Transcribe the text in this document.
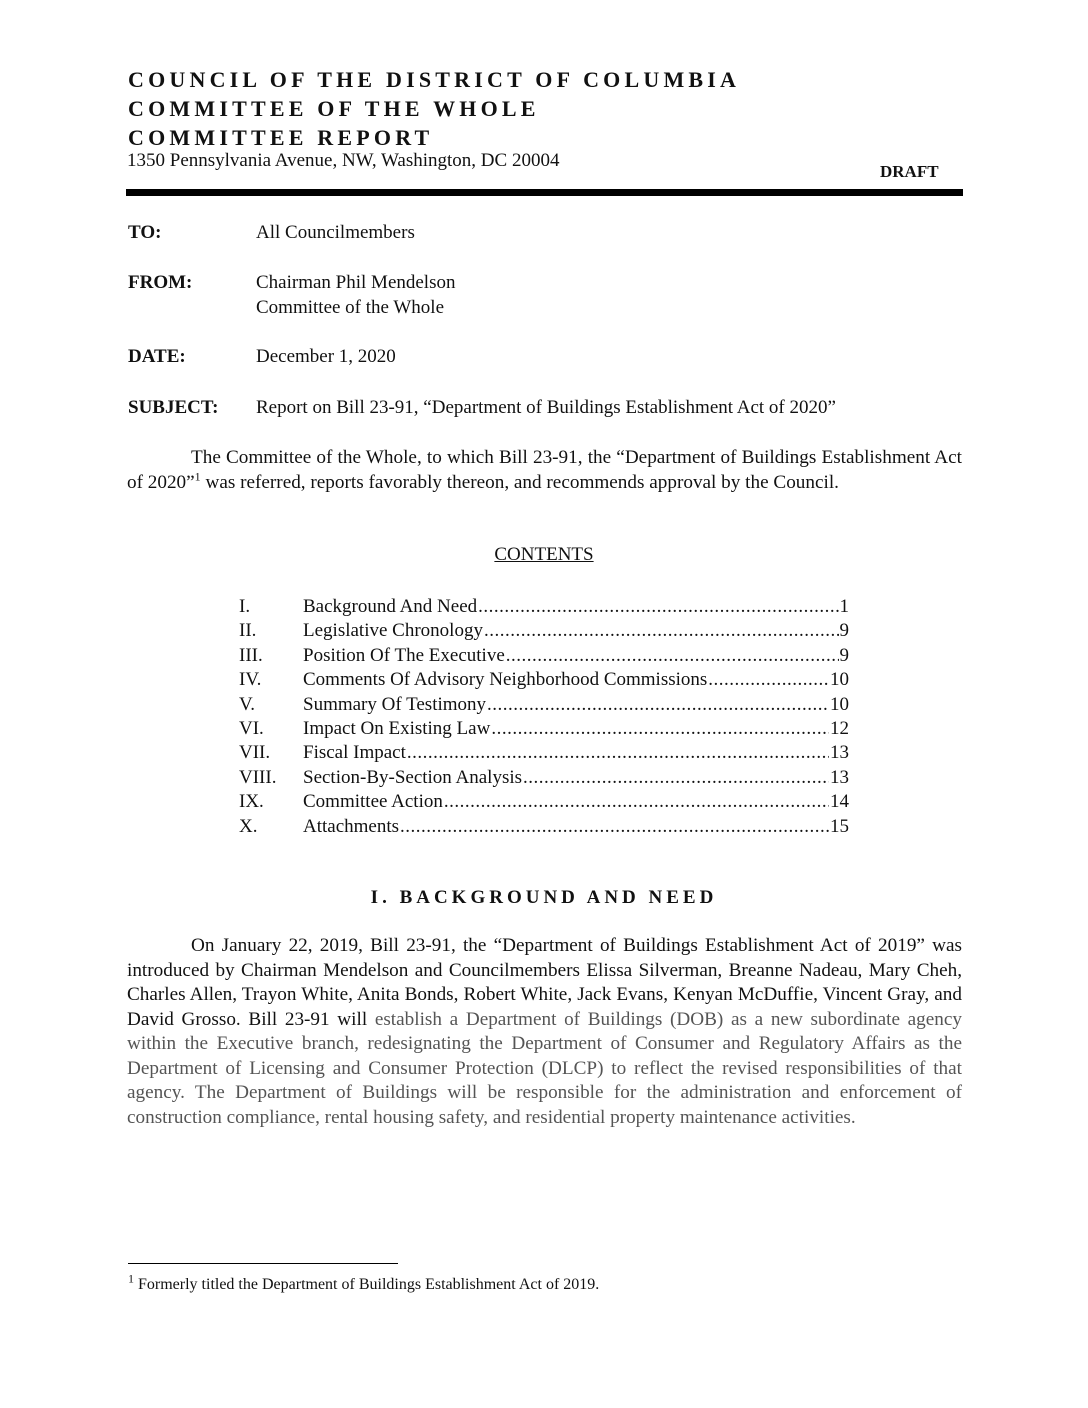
COUNCIL OF THE DISTRICT OF COLUMBIA
COMMITTEE OF THE WHOLE
COMMITTEE REPORT
1350 Pennsylvania Avenue, NW, Washington, DC 20004
DRAFT
TO:	All Councilmembers
FROM:	Chairman Phil Mendelson
Committee of the Whole
DATE:	December 1, 2020
SUBJECT: Report on Bill 23-91, “Department of Buildings Establishment Act of 2020”
The Committee of the Whole, to which Bill 23-91, the “Department of Buildings Establishment Act of 2020”$^1$ was referred, reports favorably thereon, and recommends approval by the Council.
CONTENTS
I.	Background And Need .....	1
II. Legislative Chronology .....	9
III. Position Of The Executive .....	9
IV. Comments Of Advisory Neighborhood Commissions .....	10
V.	Summary Of Testimony .....	10
VI. Impact On Existing Law .....	12
VII. Fiscal Impact .....	13
VIII. Section-By-Section Analysis .....	13
IX. Committee Action .....	14
X. Attachments .....	15
I. BACKGROUND AND NEED
On January 22, 2019, Bill 23-91, the “Department of Buildings Establishment Act of 2019” was introduced by Chairman Mendelson and Councilmembers Elissa Silverman, Breanne Nadeau, Mary Cheh, Charles Allen, Trayon White, Anita Bonds, Robert White, Jack Evans, Kenyan McDuffie, Vincent Gray, and David Grosso. Bill 23-91 will establish a Department of Buildings (DOB) as a new subordinate agency within the Executive branch, redesignating the Department of Consumer and Regulatory Affairs as the Department of Licensing and Consumer Protection (DLCP) to reflect the revised responsibilities of that agency. The Department of Buildings will be responsible for the administration and enforcement of construction compliance, rental housing safety, and residential property maintenance activities.
$^1$ Formerly titled the Department of Buildings Establishment Act of 2019.
